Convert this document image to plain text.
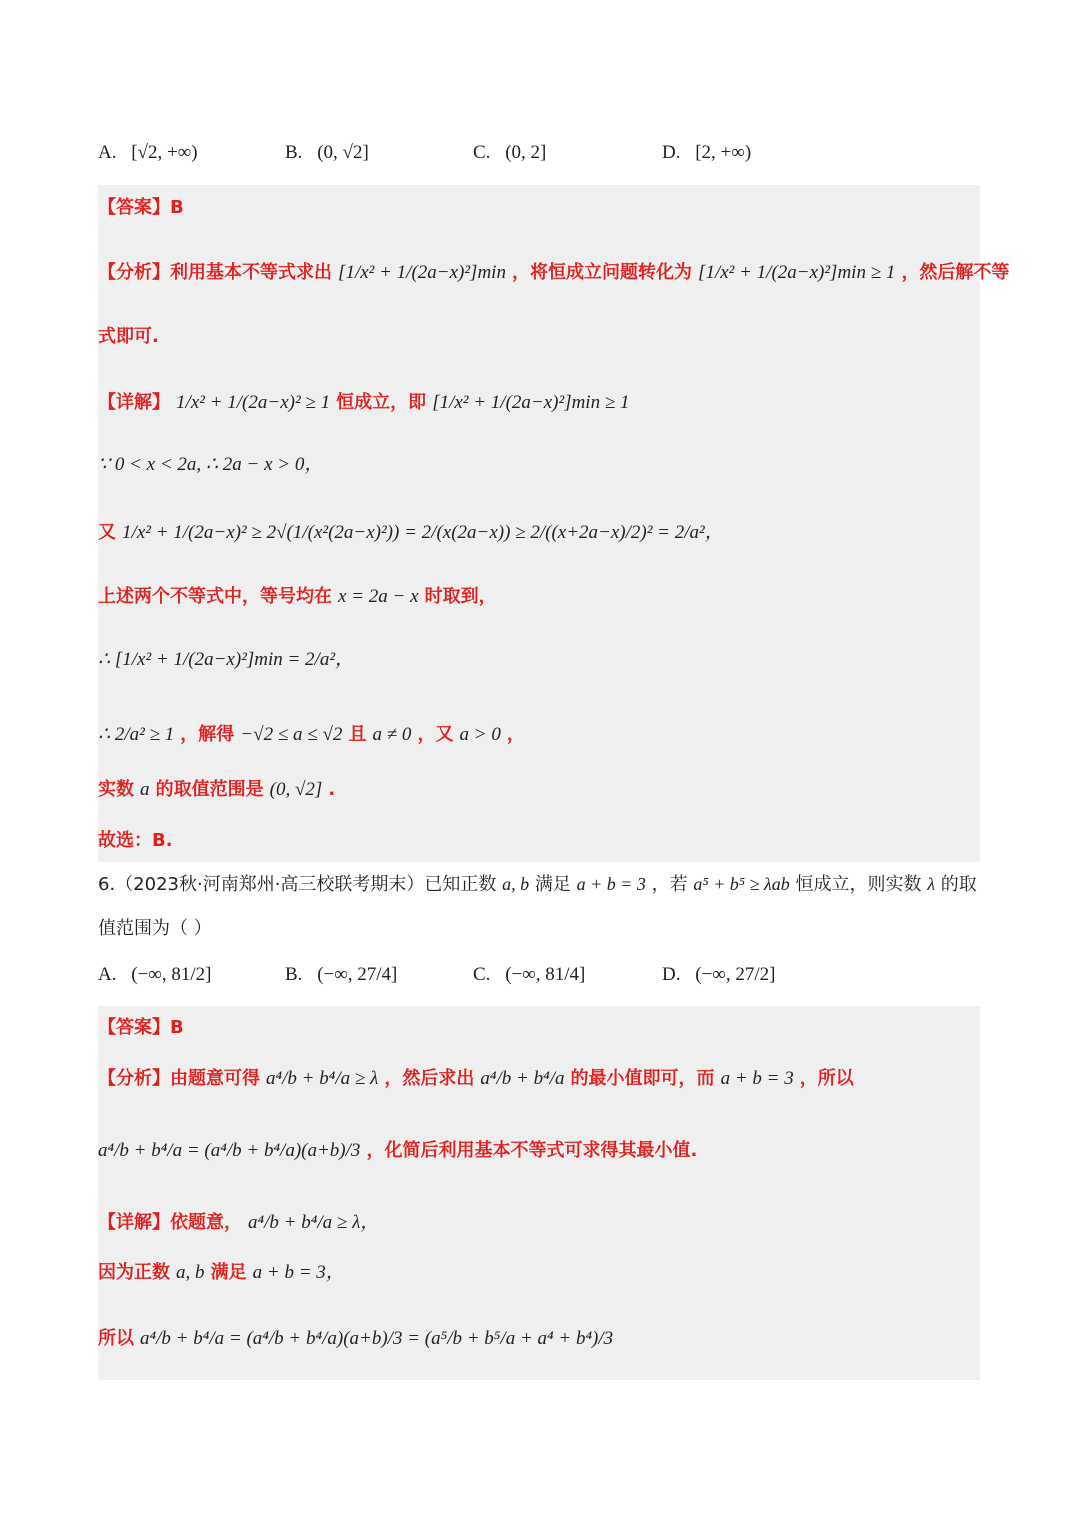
A. [√2, +∞)	B. (0, √2]	C. (0, 2]	D. [2, +∞)
【答案】B
【分析】利用基本不等式求出 [1/x² + 1/(2a−x)²]min ，将恒成立问题转化为 [1/x² + 1/(2a−x)²]min ≥ 1 ，然后解不等
式即可.
【详解】 1/x² + 1/(2a−x)² ≥ 1 恒成立，即 [1/x² + 1/(2a−x)²]min ≥ 1
∵ 0 < x < 2a, ∴ 2a − x > 0，
又 1/x² + 1/(2a−x)² ≥ 2√(1/(x²(2a−x)²)) = 2/(x(2a−x)) ≥ 2/((x+2a−x)/2)² = 2/a²，
上述两个不等式中，等号均在 x = 2a − x 时取到，
∴ [1/x² + 1/(2a−x)²]min = 2/a²，
∴ 2/a² ≥ 1 ，解得 −√2 ≤ a ≤ √2 且 a ≠ 0 ，又 a > 0 ，
实数 a 的取值范围是 (0, √2] .
故选：B.
6.（2023秋·河南郑州·高三校联考期末）已知正数 a, b 满足 a + b = 3 ，若 a⁵ + b⁵ ≥ λab 恒成立，则实数 λ 的取
值范围为（ ）
A. (−∞, 81/2]	B. (−∞, 27/4]	C. (−∞, 81/4]	D. (−∞, 27/2]
【答案】B
【分析】由题意可得 a⁴/b + b⁴/a ≥ λ ，然后求出 a⁴/b + b⁴/a 的最小值即可，而 a + b = 3 ，所以
a⁴/b + b⁴/a = (a⁴/b + b⁴/a)(a+b)/3 ，化简后利用基本不等式可求得其最小值.
【详解】依题意， a⁴/b + b⁴/a ≥ λ，
因为正数 a, b 满足 a + b = 3，
所以 a⁴/b + b⁴/a = (a⁴/b + b⁴/a)(a+b)/3 = (a⁵/b + b⁵/a + a⁴ + b⁴)/3
